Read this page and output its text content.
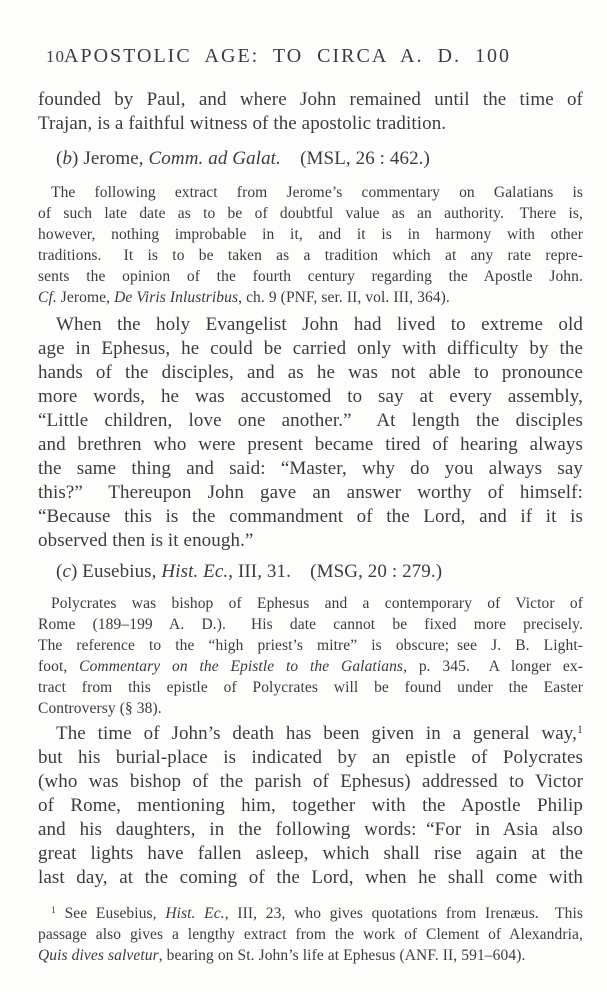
10 APOSTOLIC AGE: TO CIRCA A. D. 100
founded by Paul, and where John remained until the time of
Trajan, is a faithful witness of the apostolic tradition.
(b) Jerome, Comm. ad Galat.  (MSL, 26 : 462.)
The following extract from Jerome’s commentary on Galatians is
of such late date as to be of doubtful value as an authority.  There is,
however, nothing improbable in it, and it is in harmony with other
traditions.  It is to be taken as a tradition which at any rate repre-
sents the opinion of the fourth century regarding the Apostle John.
Cf. Jerome, De Viris Inlustribus, ch. 9 (PNF, ser. II, vol. III, 364).
When the holy Evangelist John had lived to extreme old
age in Ephesus, he could be carried only with difficulty by the
hands of the disciples, and as he was not able to pronounce
more words, he was accustomed to say at every assembly,
“Little children, love one another.”  At length the disciples
and brethren who were present became tired of hearing always
the same thing and said: “Master, why do you always say
this?”  Thereupon John gave an answer worthy of himself:
“Because this is the commandment of the Lord, and if it is
observed then is it enough.”
(c) Eusebius, Hist. Ec., III, 31.  (MSG, 20 : 279.)
Polycrates was bishop of Ephesus and a contemporary of Victor of
Rome (189–199 A. D.).  His date cannot be fixed more precisely.
The reference to the “high priest’s mitre” is obscure; see J. B. Light-
foot, Commentary on the Epistle to the Galatians, p. 345.  A longer ex-
tract from this epistle of Polycrates will be found under the Easter
Controversy (§ 38).
The time of John’s death has been given in a general way,$^1$
but his burial-place is indicated by an epistle of Polycrates
(who was bishop of the parish of Ephesus) addressed to Victor
of Rome, mentioning him, together with the Apostle Philip
and his daughters, in the following words: “For in Asia also
great lights have fallen asleep, which shall rise again at the
last day, at the coming of the Lord, when he shall come with
$^1$ See Eusebius, Hist. Ec., III, 23, who gives quotations from Irenæus.  This
passage also gives a lengthy extract from the work of Clement of Alexandria,
Quis dives salvetur, bearing on St. John’s life at Ephesus (ANF. II, 591–604).
